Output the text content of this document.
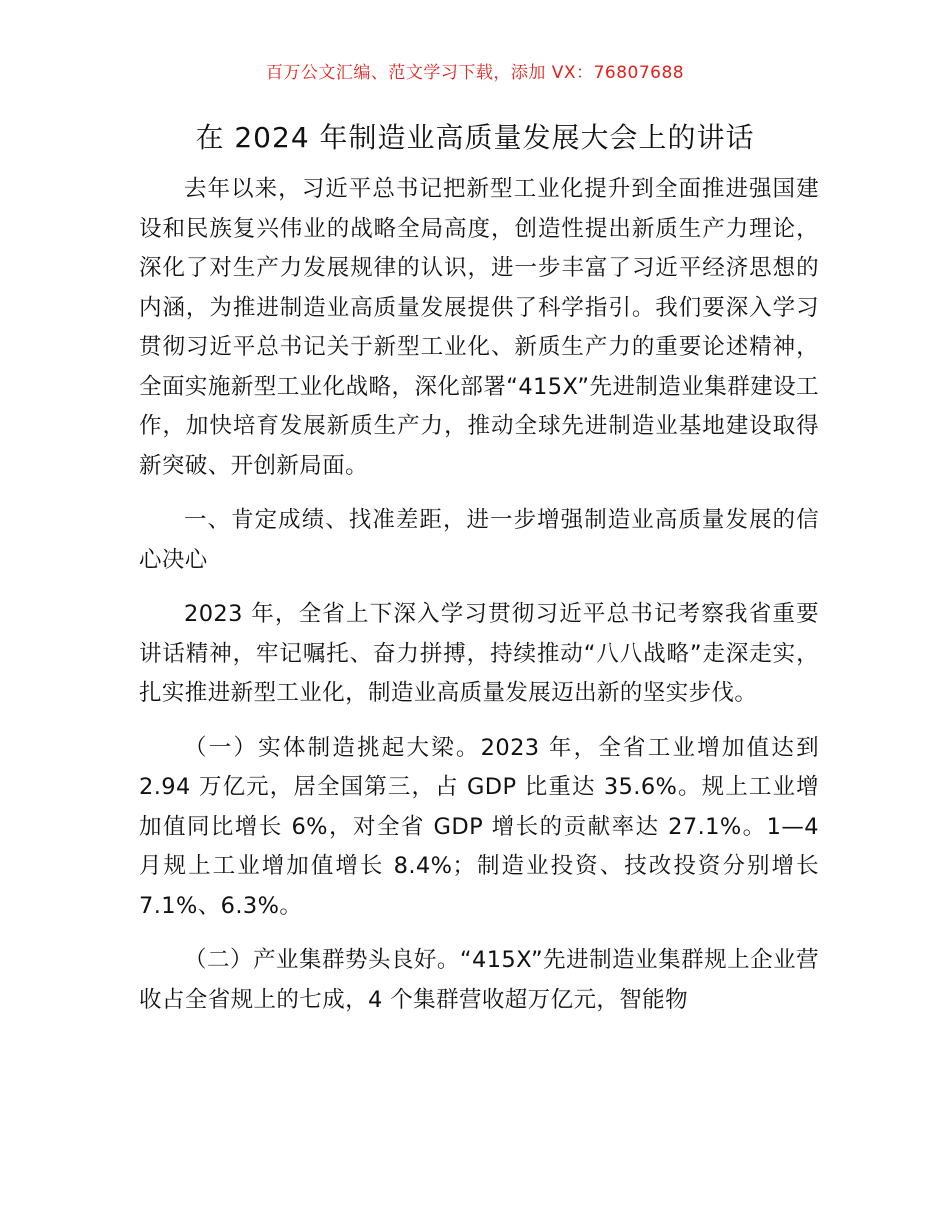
百万公文汇编、范文学习下载，添加 VX：76807688
在 2024 年制造业高质量发展大会上的讲话

去年以来，习近平总书记把新型工业化提升到全面推进强国建设和民族复兴伟业的战略全局高度，创造性提出新质生产力理论，深化了对生产力发展规律的认识，进一步丰富了习近平经济思想的内涵，为推进制造业高质量发展提供了科学指引。我们要深入学习贯彻习近平总书记关于新型工业化、新质生产力的重要论述精神，全面实施新型工业化战略，深化部署“415X”先进制造业集群建设工作，加快培育发展新质生产力，推动全球先进制造业基地建设取得新突破、开创新局面。

一、肯定成绩、找准差距，进一步增强制造业高质量发展的信心决心

2023 年，全省上下深入学习贯彻习近平总书记考察我省重要讲话精神，牢记嘱托、奋力拼搏，持续推动“八八战略”走深走实，扎实推进新型工业化，制造业高质量发展迈出新的坚实步伐。

（一）实体制造挑起大梁。2023 年，全省工业增加值达到 2.94 万亿元，居全国第三，占 GDP 比重达 35.6%。规上工业增加值同比增长 6%，对全省 GDP 增长的贡献率达 27.1%。1—4 月规上工业增加值增长 8.4%；制造业投资、技改投资分别增长 7.1%、6.3%。

（二）产业集群势头良好。“415X”先进制造业集群规上企业营收占全省规上的七成，4 个集群营收超万亿元，智能物
